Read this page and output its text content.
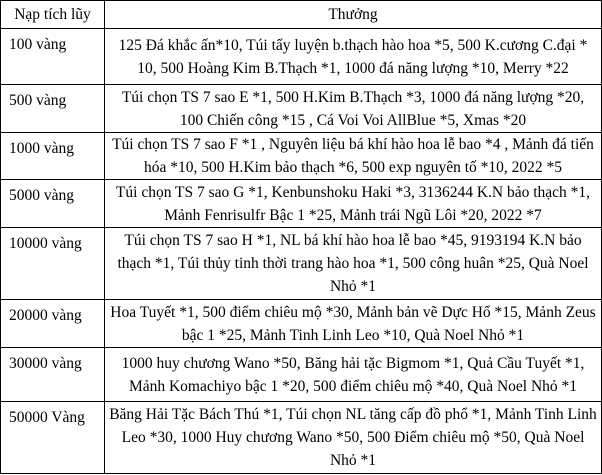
Nạp tích lũy	Thưởng
100 vàng	125 Đá khắc ấn*10, Túi tẩy luyện b.thạch hào hoa *5, 500 K.cương C.đại * 10, 500 Hoàng Kim B.Thạch *1, 1000 đá năng lượng *10, Merry *22
500 vàng	Túi chọn TS 7 sao E *1, 500 H.Kim B.Thạch *3, 1000 đá năng lượng *20, 100 Chiến công *15 , Cá Voi Voi AllBlue *5, Xmas *20
1000 vàng	Túi chọn TS 7 sao F *1 , Nguyên liệu bá khí hào hoa lễ bao *4 , Mảnh đá tiến hóa *10, 500 H.Kim bảo thạch *6, 500 exp nguyên tố *10, 2022 *5
5000 vàng	Túi chọn TS 7 sao G *1, Kenbunshoku Haki *3, 3136244 K.N bảo thạch *1, Mảnh Fenrisulfr Bậc 1 *25, Mảnh trái Ngũ Lôi *20, 2022 *7
10000 vàng	Túi chọn TS 7 sao H *1, NL bá khí hào hoa lễ bao *45, 9193194 K.N bảo thạch *1, Túi thủy tinh thời trang hào hoa *1, 500 công huân *25, Quà Noel Nhỏ *1
20000 vàng	Hoa Tuyết *1, 500 điểm chiêu mộ *30, Mảnh bản vẽ Dực Hổ *15, Mảnh Zeus bậc 1 *25, Mảnh Tinh Linh Leo *10, Quà Noel Nhỏ *1
30000 vàng	1000 huy chương Wano *50, Băng hải tặc Bigmom *1, Quả Cầu Tuyết *1, Mảnh Komachiyo bậc 1 *20, 500 điểm chiêu mộ *40, Quà Noel Nhỏ *1
50000 Vàng	Băng Hải Tặc Bách Thú *1, Túi chọn NL tăng cấp đồ phổ *1, Mảnh Tinh Linh Leo *30, 1000 Huy chương Wano *50, 500 Điểm chiêu mộ *50, Quà Noel Nhỏ *1
